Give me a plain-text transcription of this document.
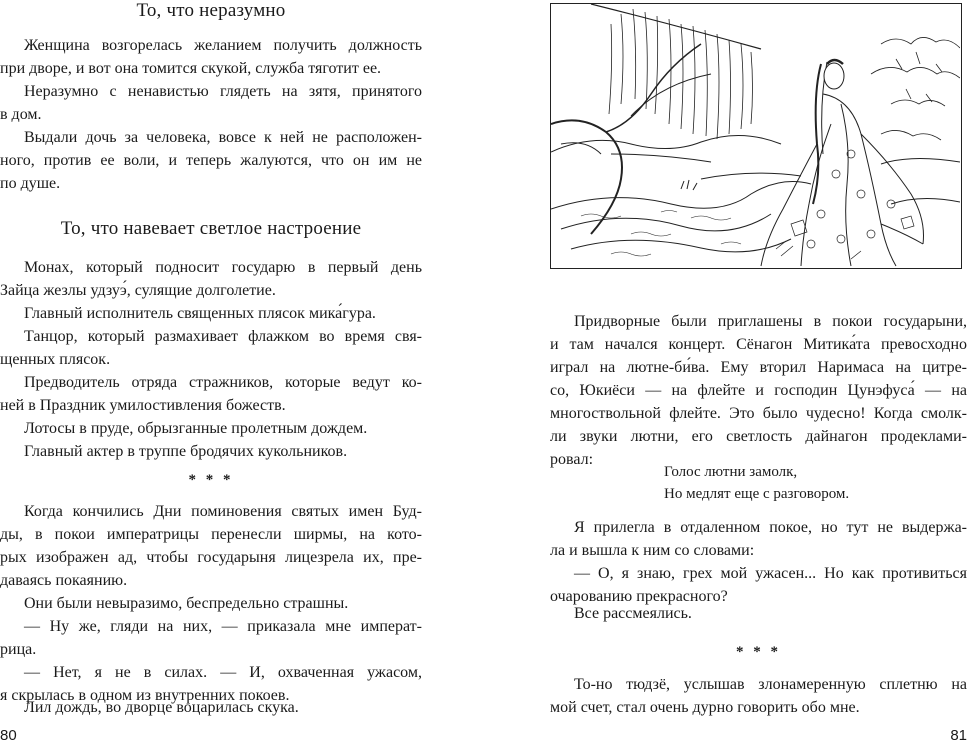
То, что неразумно
Женщина возгорелась желанием получить должность
при дворе, и вот она томится скукой, служба тяготит ее.
Неразумно с ненавистью глядеть на зятя, принятого
в дом.
Выдали дочь за человека, вовсе к ней не расположен-
ного, против ее воли, и теперь жалуются, что он им не
по душе.
То, что навевает светлое настроение
Монах, который подносит государю в первый день
Зайца жезлы удзуэ́, сулящие долголетие.
Главный исполнитель священных плясок мика́гура.
Танцор, который размахивает флажком во время свя-
щенных плясок.
Предводитель отряда стражников, которые ведут ко-
ней в Праздник умилостивления божеств.
Лотосы в пруде, обрызганные пролетным дождем.
Главный актер в труппе бродячих кукольников.
* * *
Когда кончились Дни поминовения святых имен Буд-
ды, в покои императрицы перенесли ширмы, на кото-
рых изображен ад, чтобы государыня лицезрела их, пре-
даваясь покаянию.
Они были невыразимо, беспредельно страшны.
— Ну же, гляди на них, — приказала мне императ-
рица.
— Нет, я не в силах. — И, охваченная ужасом,
я скрылась в одном из внутренних покоев.
Лил дождь, во дворце воцарилась скука.
80
Придворные были приглашены в покои государыни,
и там начался концерт. Сёнагон Митика́та превосходно
играл на лютне-би́ва. Ему вторил Наримаса на цитре-
со, Юкиёси — на флейте и господин Цунэфуса́ — на
многоствольной флейте. Это было чудесно! Когда смолк-
ли звуки лютни, его светлость дайнагон продеклами-
ровал:
Голос лютни замолк,
Но медлят еще с разговором.
Я прилегла в отдаленном покое, но тут не выдержа-
ла и вышла к ним со словами:
— О, я знаю, грех мой ужасен... Но как противиться
очарованию прекрасного?
Все рассмеялись.
* * *
То-но тюдзё, услышав злонамеренную сплетню на
мой счет, стал очень дурно говорить обо мне.
81
